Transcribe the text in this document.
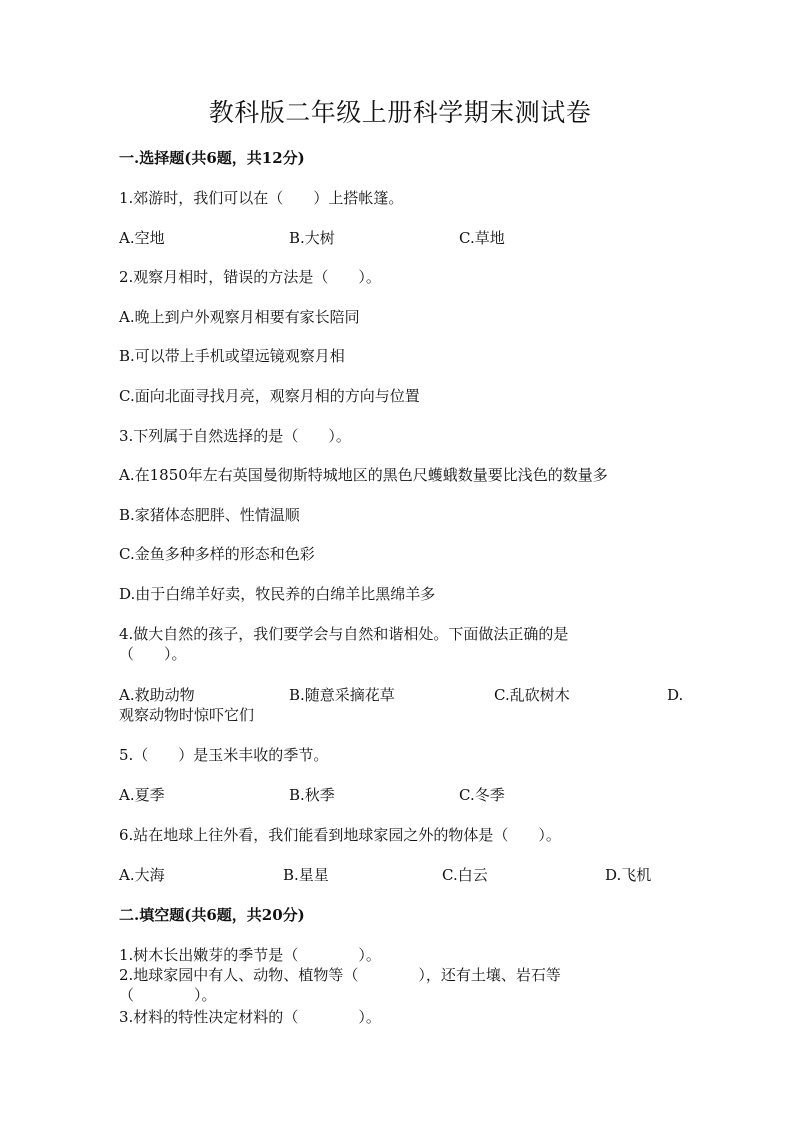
教科版二年级上册科学期末测试卷
一.选择题(共6题，共12分)
1.郊游时，我们可以在（　　）上搭帐篷。
A.空地	B.大树	C.草地
2.观察月相时，错误的方法是（　　）。
A.晚上到户外观察月相要有家长陪同
B.可以带上手机或望远镜观察月相
C.面向北面寻找月亮，观察月相的方向与位置
3.下列属于自然选择的是（　　）。
A.在1850年左右英国曼彻斯特城地区的黑色尺蠖蛾数量要比浅色的数量多
B.家猪体态肥胖、性情温顺
C.金鱼多种多样的形态和色彩
D.由于白绵羊好卖，牧民养的白绵羊比黑绵羊多
4.做大自然的孩子，我们要学会与自然和谐相处。下面做法正确的是
（　　）。
A.救助动物	B.随意采摘花草	C.乱砍树木	D.
观察动物时惊吓它们
5.（　　）是玉米丰收的季节。
A.夏季	B.秋季	C.冬季
6.站在地球上往外看，我们能看到地球家园之外的物体是（　　）。
A.大海	B.星星	C.白云	D.飞机
二.填空题(共6题，共20分)
1.树木长出嫩芽的季节是（　　　　）。
2.地球家园中有人、动物、植物等（　　　　），还有土壤、岩石等
（　　　　）。
3.材料的特性决定材料的（　　　　）。
